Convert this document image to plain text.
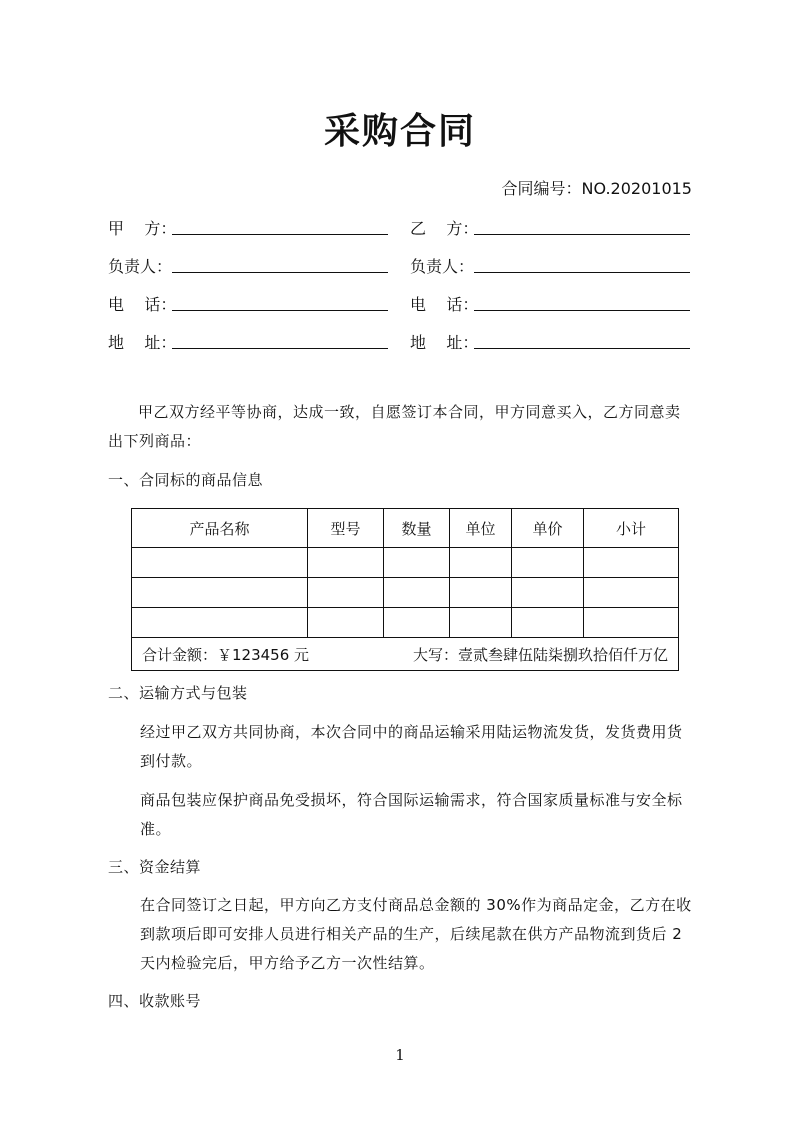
采购合同
合同编号：NO.20201015
甲    方：
负责人：
电    话：
地    址：
乙    方：
负责人：
电    话：
地    址：
甲乙双方经平等协商，达成一致，自愿签订本合同，甲方同意买入，乙方同意卖出下列商品：
一、合同标的商品信息
产品名称	型号	数量	单位	单价	小计

合计金额：￥123456 元 大写：壹贰叁肆伍陆柒捌玖拾佰仟万亿					
二、运输方式与包装
经过甲乙双方共同协商，本次合同中的商品运输采用陆运物流发货，发货费用货到付款。
商品包装应保护商品免受损坏，符合国际运输需求，符合国家质量标准与安全标准。
三、资金结算
在合同签订之日起，甲方向乙方支付商品总金额的 30%作为商品定金，乙方在收到款项后即可安排人员进行相关产品的生产，后续尾款在供方产品物流到货后 2 天内检验完后，甲方给予乙方一次性结算。
四、收款账号
1
